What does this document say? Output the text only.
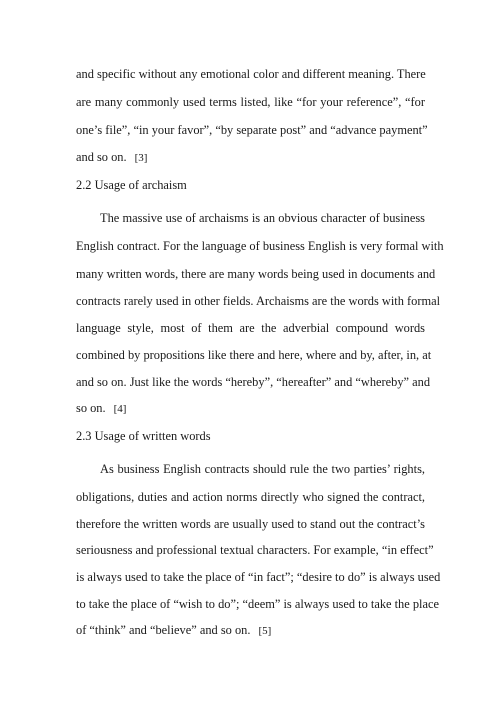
and specific without any emotional color and different meaning. There
are many commonly used terms listed, like “for your reference”, “for
one’s file”, “in your favor”, “by separate post” and “advance payment”
and so on. [3]
2.2 Usage of archaism
The massive use of archaisms is an obvious character of business
English contract. For the language of business English is very formal with
many written words, there are many words being used in documents and
contracts rarely used in other fields. Archaisms are the words with formal
language style, most of them are the adverbial compound words
combined by propositions like there and here, where and by, after, in, at
and so on. Just like the words “hereby”, “hereafter” and “whereby” and
so on. [4]
2.3 Usage of written words
As business English contracts should rule the two parties’ rights,
obligations, duties and action norms directly who signed the contract,
therefore the written words are usually used to stand out the contract’s
seriousness and professional textual characters. For example, “in effect”
is always used to take the place of “in fact”; “desire to do” is always used
to take the place of “wish to do”; “deem” is always used to take the place
of “think” and “believe” and so on. [5]
